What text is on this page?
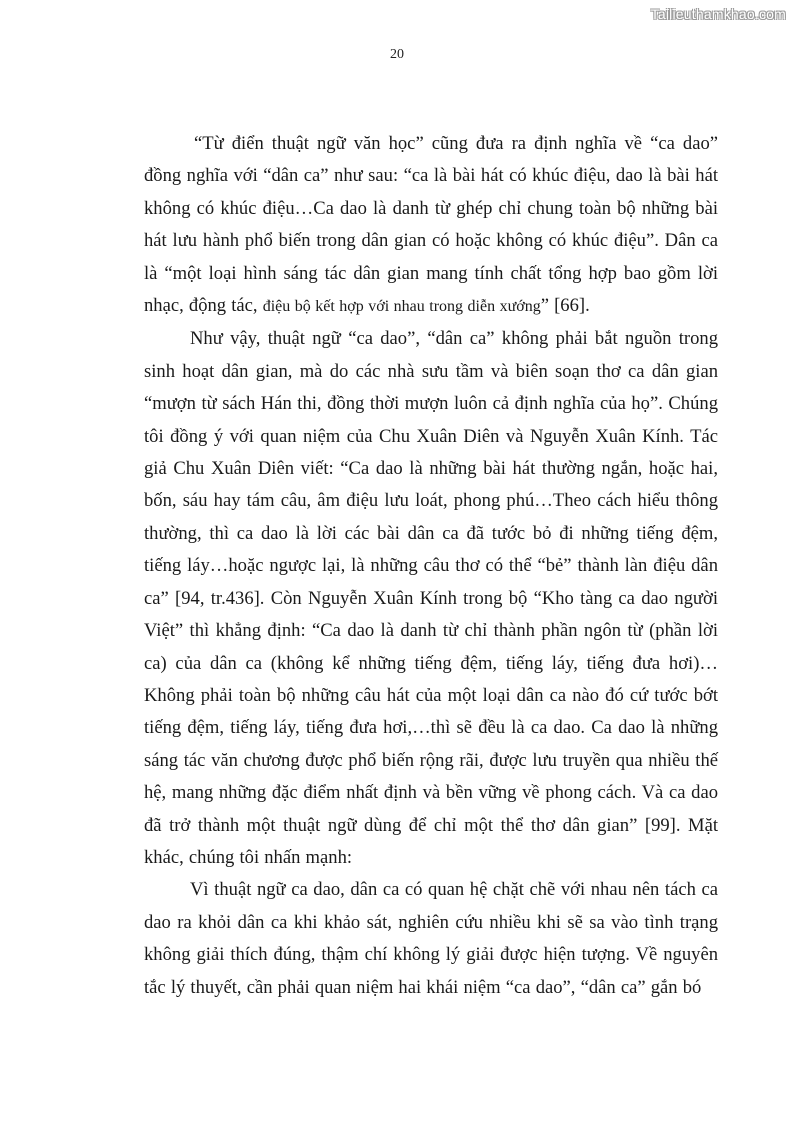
Tailieuthamkhao.com
20

“Từ điển thuật ngữ văn học” cũng đưa ra định nghĩa về “ca dao” đồng nghĩa với “dân ca” như sau: “ca là bài hát có khúc điệu, dao là bài hát không có khúc điệu…Ca dao là danh từ ghép chỉ chung toàn bộ những bài hát lưu hành phổ biến trong dân gian có hoặc không có khúc điệu”. Dân ca là “một loại hình sáng tác dân gian mang tính chất tổng hợp bao gồm lời nhạc, động tác, điệu bộ kết hợp với nhau trong diễn xướng” [66].

Như vậy, thuật ngữ “ca dao”, “dân ca” không phải bắt nguồn trong sinh hoạt dân gian, mà do các nhà sưu tầm và biên soạn thơ ca dân gian “mượn từ sách Hán thi, đồng thời mượn luôn cả định nghĩa của họ”. Chúng tôi đồng ý với quan niệm của Chu Xuân Diên và Nguyễn Xuân Kính. Tác giả Chu Xuân Diên viết: “Ca dao là những bài hát thường ngắn, hoặc hai, bốn, sáu hay tám câu, âm điệu lưu loát, phong phú…Theo cách hiểu thông thường, thì ca dao là lời các bài dân ca đã tước bỏ đi những tiếng đệm, tiếng láy…hoặc ngược lại, là những câu thơ có thể “bẻ” thành làn điệu dân ca” [94, tr.436]. Còn Nguyễn Xuân Kính trong bộ “Kho tàng ca dao người Việt” thì khẳng định: “Ca dao là danh từ chỉ thành phần ngôn từ (phần lời ca) của dân ca (không kể những tiếng đệm, tiếng láy, tiếng đưa hơi)…Không phải toàn bộ những câu hát của một loại dân ca nào đó cứ tước bớt tiếng đệm, tiếng láy, tiếng đưa hơi,…thì sẽ đều là ca dao. Ca dao là những sáng tác văn chương được phổ biến rộng rãi, được lưu truyền qua nhiều thế hệ, mang những đặc điểm nhất định và bền vững về phong cách. Và ca dao đã trở thành một thuật ngữ dùng để chỉ một thể thơ dân gian” [99]. Mặt khác, chúng tôi nhấn mạnh:

Vì thuật ngữ ca dao, dân ca có quan hệ chặt chẽ với nhau nên tách ca dao ra khỏi dân ca khi khảo sát, nghiên cứu nhiều khi sẽ sa vào tình trạng không giải thích đúng, thậm chí không lý giải được hiện tượng. Về nguyên tắc lý thuyết, cần phải quan niệm hai khái niệm “ca dao”, “dân ca” gắn bó
